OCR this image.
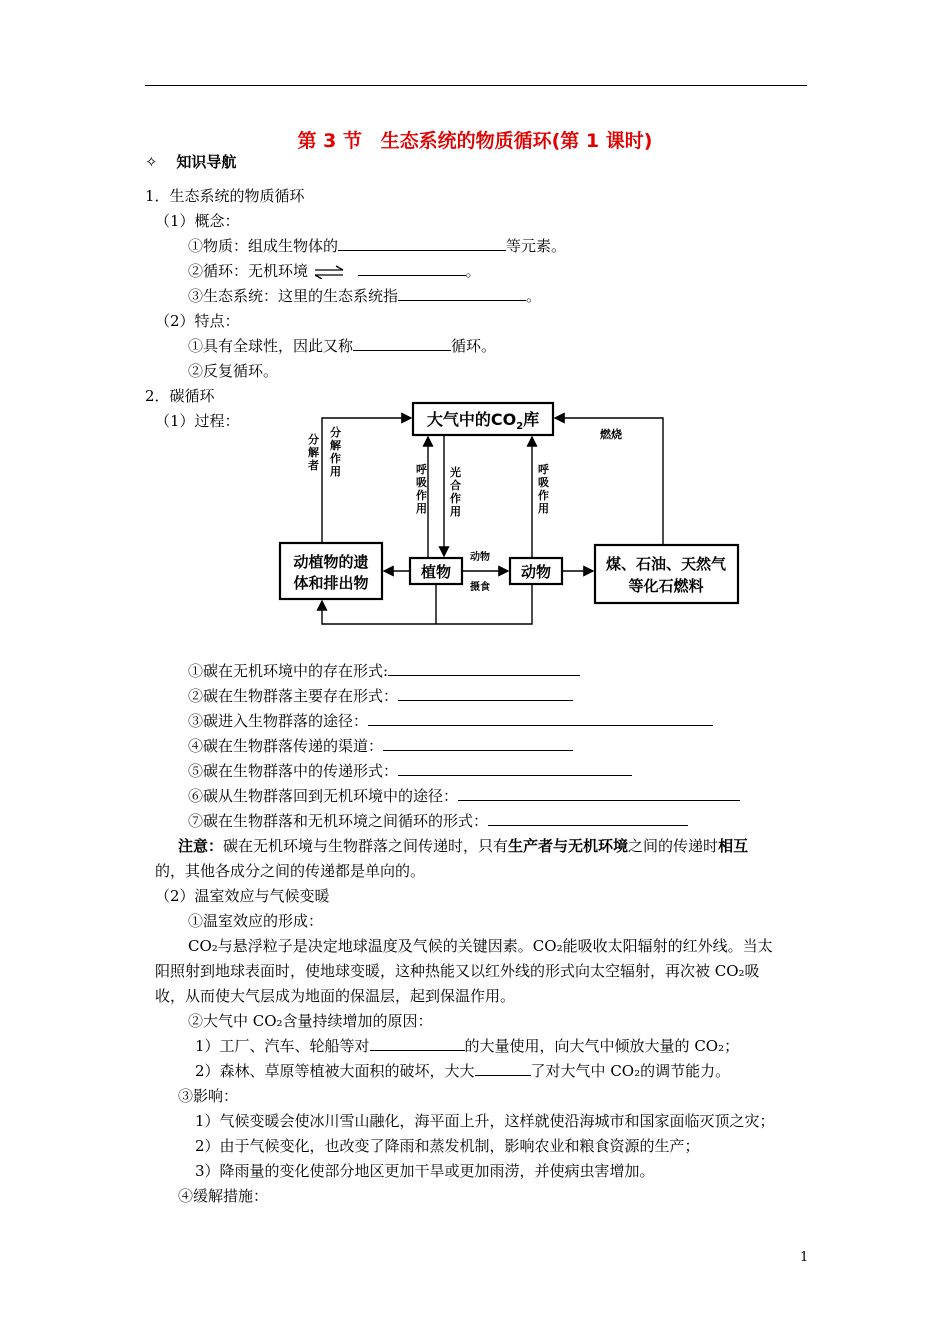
第 3 节 生态系统的物质循环(第 1 课时)
✧ 知识导航
1．生态系统的物质循环
（1）概念：
①物质：组成生物体的	等元素。
②循环：无机环境 ⇌	。
③生态系统：这里的生态系统指	。
（2）特点：
①具有全球性，因此又称	循环。
②反复循环。
2．碳循环
（1）过程：	大气中的$CO_2$库
动植物的遗
体和排出物
植物	动物	煤、石油、天然气
等化石燃料
分解者
分解作用	呼吸作用
光合作用
呼吸作用
燃烧
动物
摄食
①碳在无机环境中的存在形式:
②碳在生物群落主要存在形式：
③碳进入生物群落的途径：
④碳在生物群落传递的渠道：
⑤碳在生物群落中的传递形式：
⑥碳从生物群落回到无机环境中的途径：
⑦碳在生物群落和无机环境之间循环的形式：
注意：碳在无机环境与生物群落之间传递时，只有生产者与无机环境之间的传递时相互
的，其他各成分之间的传递都是单向的。
（2）温室效应与气候变暖
①温室效应的形成：
CO₂与悬浮粒子是决定地球温度及气候的关键因素。CO₂能吸收太阳辐射的红外线。当太
阳照射到地球表面时，使地球变暖，这种热能又以红外线的形式向太空辐射，再次被 CO₂吸
收，从而使大气层成为地面的保温层，起到保温作用。
②大气中 CO₂含量持续增加的原因：
1）工厂、汽车、轮船等对	的大量使用，向大气中倾放大量的 CO₂；
2）森林、草原等植被大面积的破坏，大大	了对大气中 CO₂的调节能力。
③影响：
1）气候变暖会使冰川雪山融化，海平面上升，这样就使沿海城市和国家面临灭顶之灾；
2）由于气候变化，也改变了降雨和蒸发机制，影响农业和粮食资源的生产；
3）降雨量的变化使部分地区更加干旱或更加雨涝，并使病虫害增加。
④缓解措施：
1
